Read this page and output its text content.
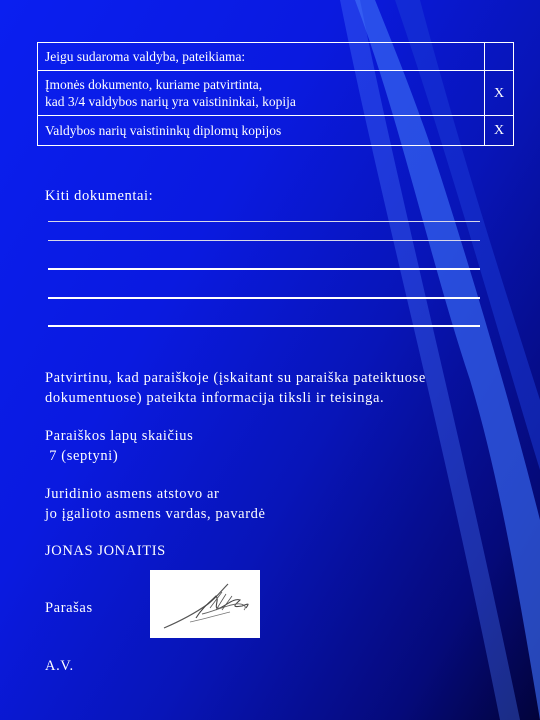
Jeigu sudaroma valdyba, pateikiama:	
Įmonės dokumento, kuriame patvirtinta,
kad 3/4 valdybos narių yra vaistininkai, kopija	X
Valdybos narių vaistininkų diplomų kopijos	X
Kiti dokumentai:
Patvirtinu, kad paraiškoje (įskaitant su paraiška pateiktuose
dokumentuose) pateikta informacija tiksli ir teisinga.
Paraiškos lapų skaičius
7 (septyni)
Juridinio asmens atstovo ar
jo įgalioto asmens vardas, pavardė
JONAS JONAITIS
Parašas
A.V.
